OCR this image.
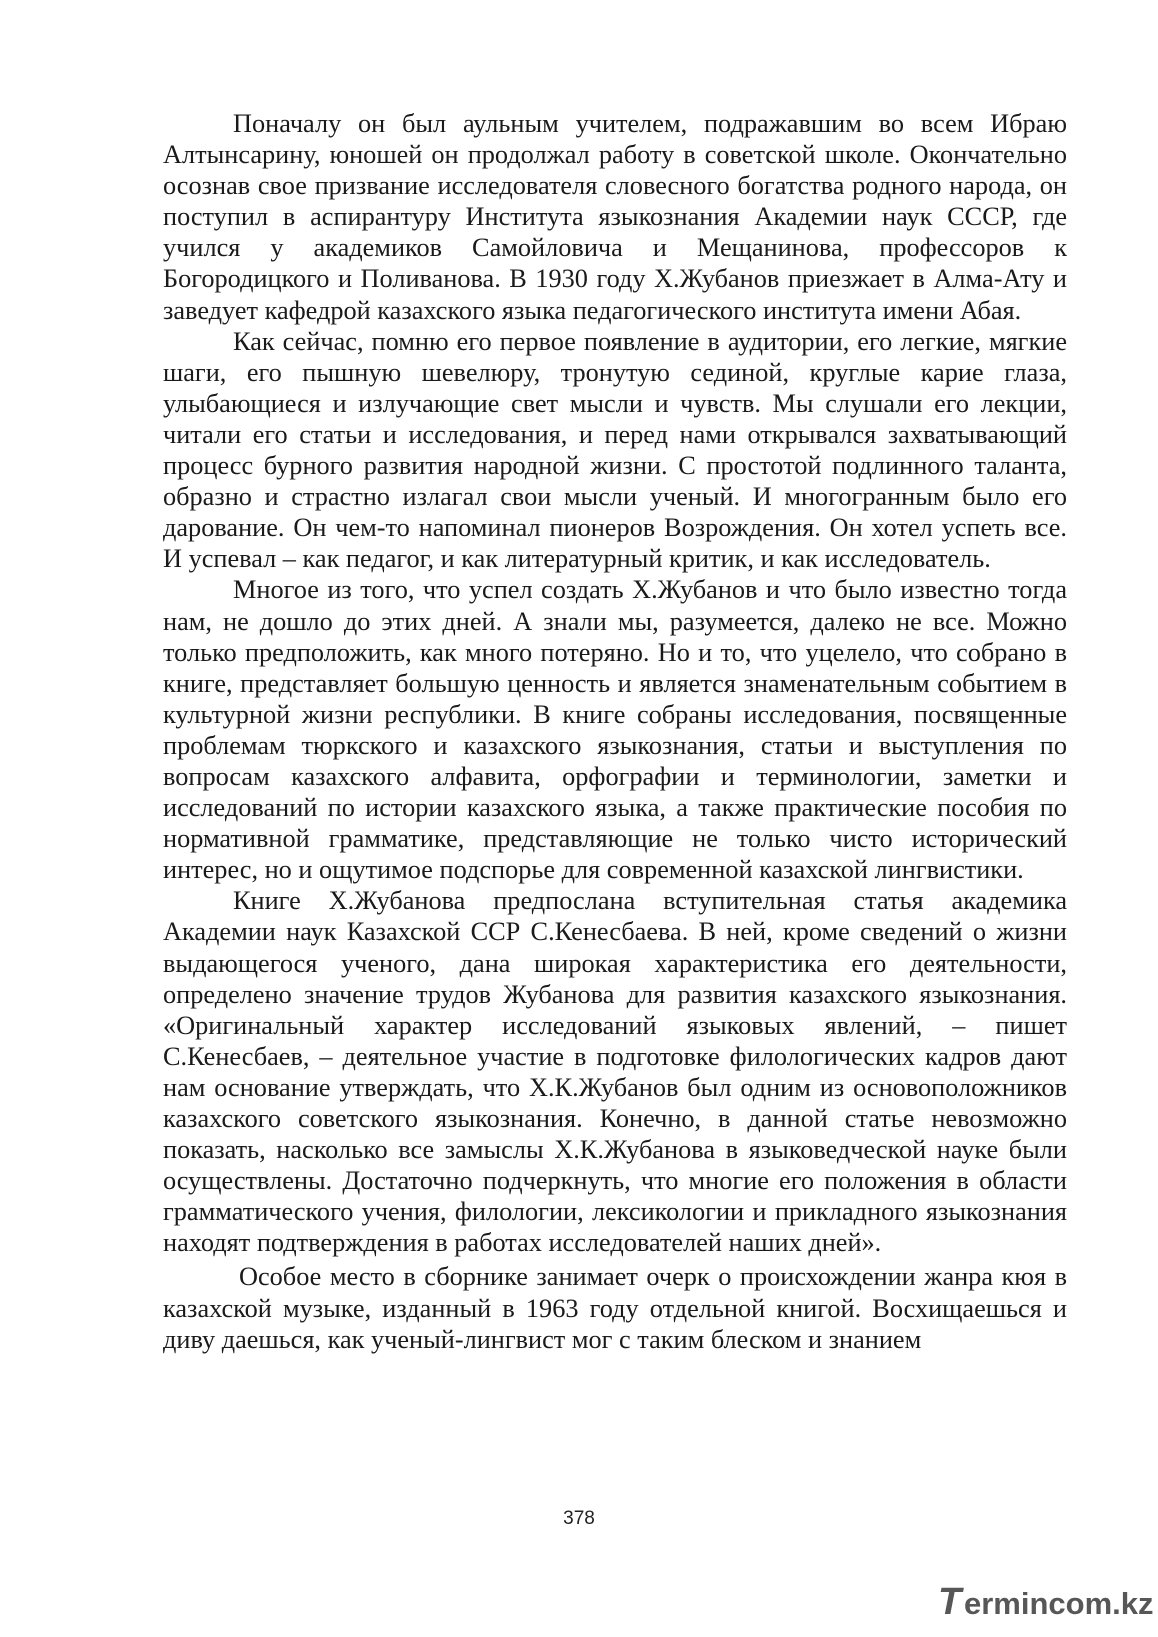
Поначалу он был аульным учителем, подражавшим во всем Ибраю Алтынсарину, юношей он продолжал работу в советской школе. Окончательно осознав свое призвание исследователя словесного богатства родного народа, он поступил в аспирантуру Института языкознания Академии наук СССР, где учился у академиков Самойловича и Мещанинова, профессоров к Богородицкого и Поливанова. В 1930 году Х.Жубанов приезжает в Алма-Ату и заведует кафедрой казахского языка педагогического института имени Абая.

Как сейчас, помню его первое появление в аудитории, его легкие, мягкие шаги, его пышную шевелюру, тронутую сединой, круглые карие глаза, улыбающиеся и излучающие свет мысли и чувств. Мы слушали его лекции, читали его статьи и исследования, и перед нами открывался захватывающий процесс бурного развития народной жизни. С простотой подлинного таланта, образно и страстно излагал свои мысли ученый. И многогранным было его дарование. Он чем-то напоминал пионеров Возрождения. Он хотел успеть все. И успевал – как педагог, и как литературный критик, и как исследователь.

Многое из того, что успел создать Х.Жубанов и что было известно тогда нам, не дошло до этих дней. А знали мы, разумеется, далеко не все. Можно только предположить, как много потеряно. Но и то, что уцелело, что собрано в книге, представляет большую ценность и является знаменательным событием в культурной жизни республики. В книге собраны исследования, посвященные проблемам тюркского и казахского языкознания, статьи и выступления по вопросам казахского алфавита, орфографии и терминологии, заметки и исследований по истории казахского языка, а также практические пособия по нормативной грамматике, представляющие не только чисто исторический интерес, но и ощутимое подспорье для современной казахской лингвистики.

Книге Х.Жубанова предпослана вступительная статья академика Академии наук Казахской ССР С.Кенесбаева. В ней, кроме сведений о жизни выдающегося ученого, дана широкая характеристика его деятельности, определено значение трудов Жубанова для развития казахского языкознания. «Оригинальный характер исследований языковых явлений, – пишет С.Кенесбаев, – деятельное участие в подготовке филологических кадров дают нам основание утверждать, что Х.К.Жубанов был одним из основоположников казахского советского языкознания. Конечно, в данной статье невозможно показать, насколько все замыслы Х.К.Жубанова в языковедческой науке были осуществлены. Достаточно подчеркнуть, что многие его положения в области грамматического учения, филологии, лексикологии и прикладного языкознания находят подтверждения в работах исследователей наших дней».

Особое место в сборнике занимает очерк о происхождении жанра кюя в казахской музыке, изданный в 1963 году отдельной книгой. Восхищаешься и диву даешься, как ученый-лингвист мог с таким блеском и знанием

378
T ermincom.kz
